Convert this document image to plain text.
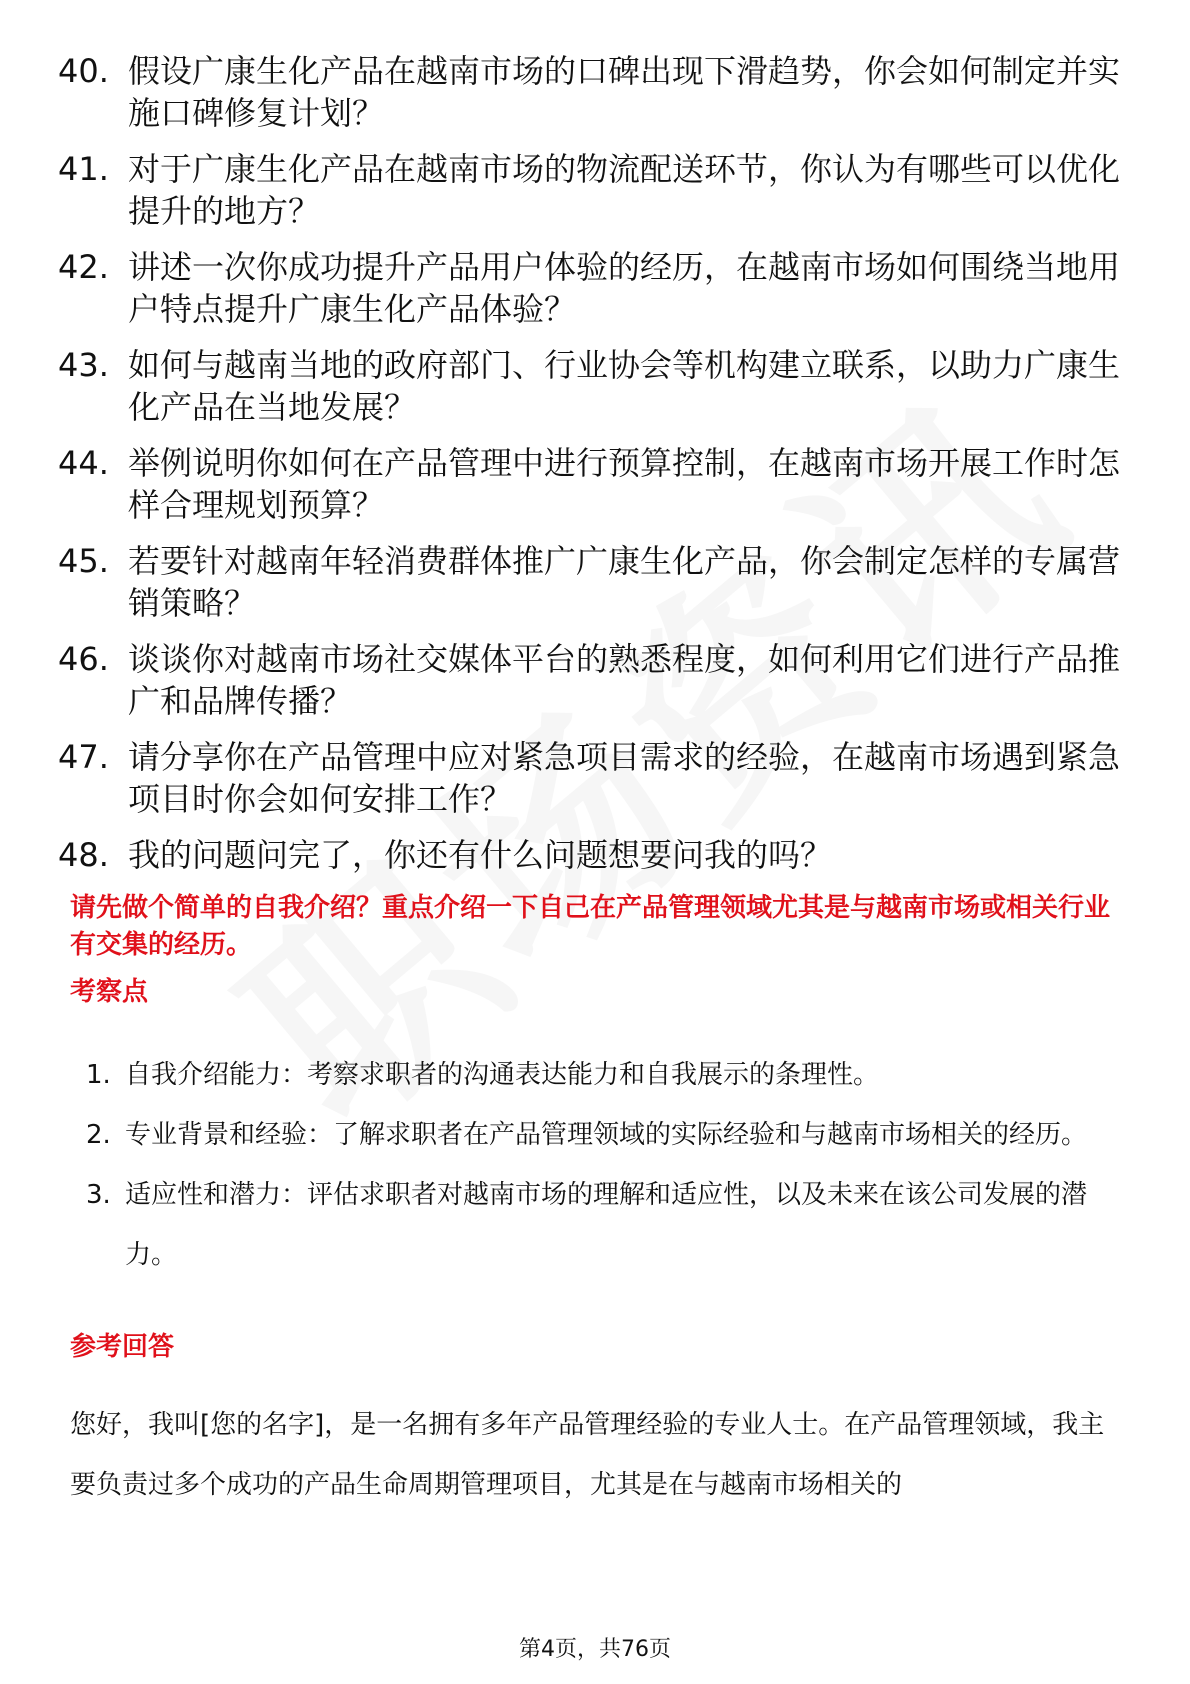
40. 假设广康生化产品在越南市场的口碑出现下滑趋势，你会如何制定并实施口碑修复计划？
41. 对于广康生化产品在越南市场的物流配送环节，你认为有哪些可以优化提升的地方？
42. 讲述一次你成功提升产品用户体验的经历，在越南市场如何围绕当地用户特点提升广康生化产品体验？
43. 如何与越南当地的政府部门、行业协会等机构建立联系，以助力广康生化产品在当地发展？
44. 举例说明你如何在产品管理中进行预算控制，在越南市场开展工作时怎样合理规划预算？
45. 若要针对越南年轻消费群体推广广康生化产品，你会制定怎样的专属营销策略？
46. 谈谈你对越南市场社交媒体平台的熟悉程度，如何利用它们进行产品推广和品牌传播？
47. 请分享你在产品管理中应对紧急项目需求的经验，在越南市场遇到紧急项目时你会如何安排工作？
48. 我的问题问完了，你还有什么问题想要问我的吗？
请先做个简单的自我介绍？重点介绍一下自己在产品管理领域尤其是与越南市场或相关行业有交集的经历。
考察点
1. 自我介绍能力：考察求职者的沟通表达能力和自我展示的条理性。
2. 专业背景和经验：了解求职者在产品管理领域的实际经验和与越南市场相关的经历。
3. 适应性和潜力：评估求职者对越南市场的理解和适应性，以及未来在该公司发展的潜力。
参考回答
您好，我叫[您的名字]，是一名拥有多年产品管理经验的专业人士。在产品管理领域，我主要负责过多个成功的产品生命周期管理项目，尤其是在与越南市场相关的
第4页，共76页
